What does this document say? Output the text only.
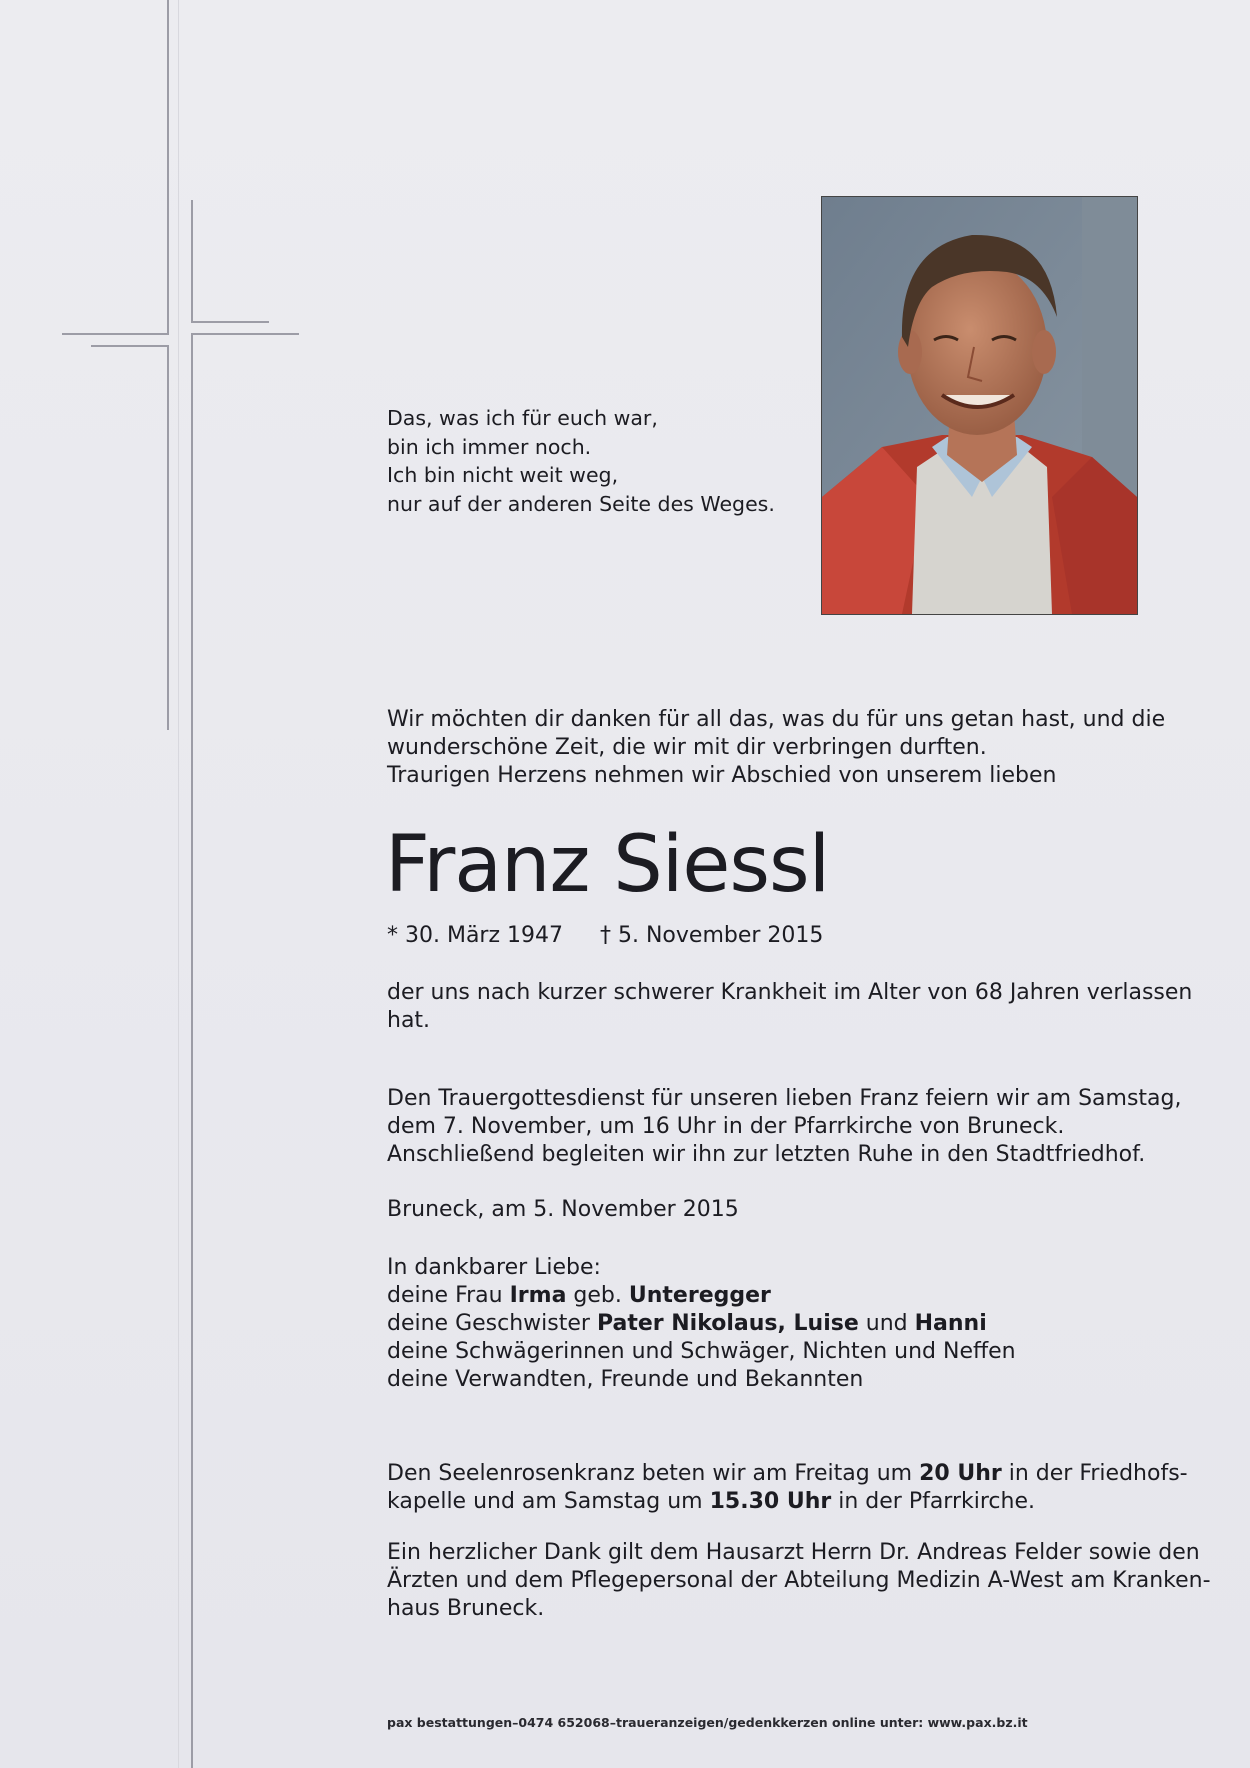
Das, was ich für euch war,
bin ich immer noch.
Ich bin nicht weit weg,
nur auf der anderen Seite des Weges.
Wir möchten dir danken für all das, was du für uns getan hast, und die
wunderschöne Zeit, die wir mit dir verbringen durften.
Traurigen Herzens nehmen wir Abschied von unserem lieben
Franz Siessl
* 30. März 1947 † 5. November 2015
der uns nach kurzer schwerer Krankheit im Alter von 68 Jahren verlassen
hat.
Den Trauergottesdienst für unseren lieben Franz feiern wir am Samstag,
dem 7. November, um 16 Uhr in der Pfarrkirche von Bruneck.
Anschließend begleiten wir ihn zur letzten Ruhe in den Stadtfriedhof.
Bruneck, am 5. November 2015
In dankbarer Liebe:
deine Frau Irma geb. Unteregger
deine Geschwister Pater Nikolaus, Luise und Hanni
deine Schwägerinnen und Schwäger, Nichten und Neffen
deine Verwandten, Freunde und Bekannten
Den Seelenrosenkranz beten wir am Freitag um 20 Uhr in der Friedhofs-
kapelle und am Samstag um 15.30 Uhr in der Pfarrkirche.
Ein herzlicher Dank gilt dem Hausarzt Herrn Dr. Andreas Felder sowie den
Ärzten und dem Pflegepersonal der Abteilung Medizin A-West am Kranken-
haus Bruneck.
pax bestattungen–0474 652068–traueranzeigen/gedenkkerzen online unter: www.pax.bz.it
